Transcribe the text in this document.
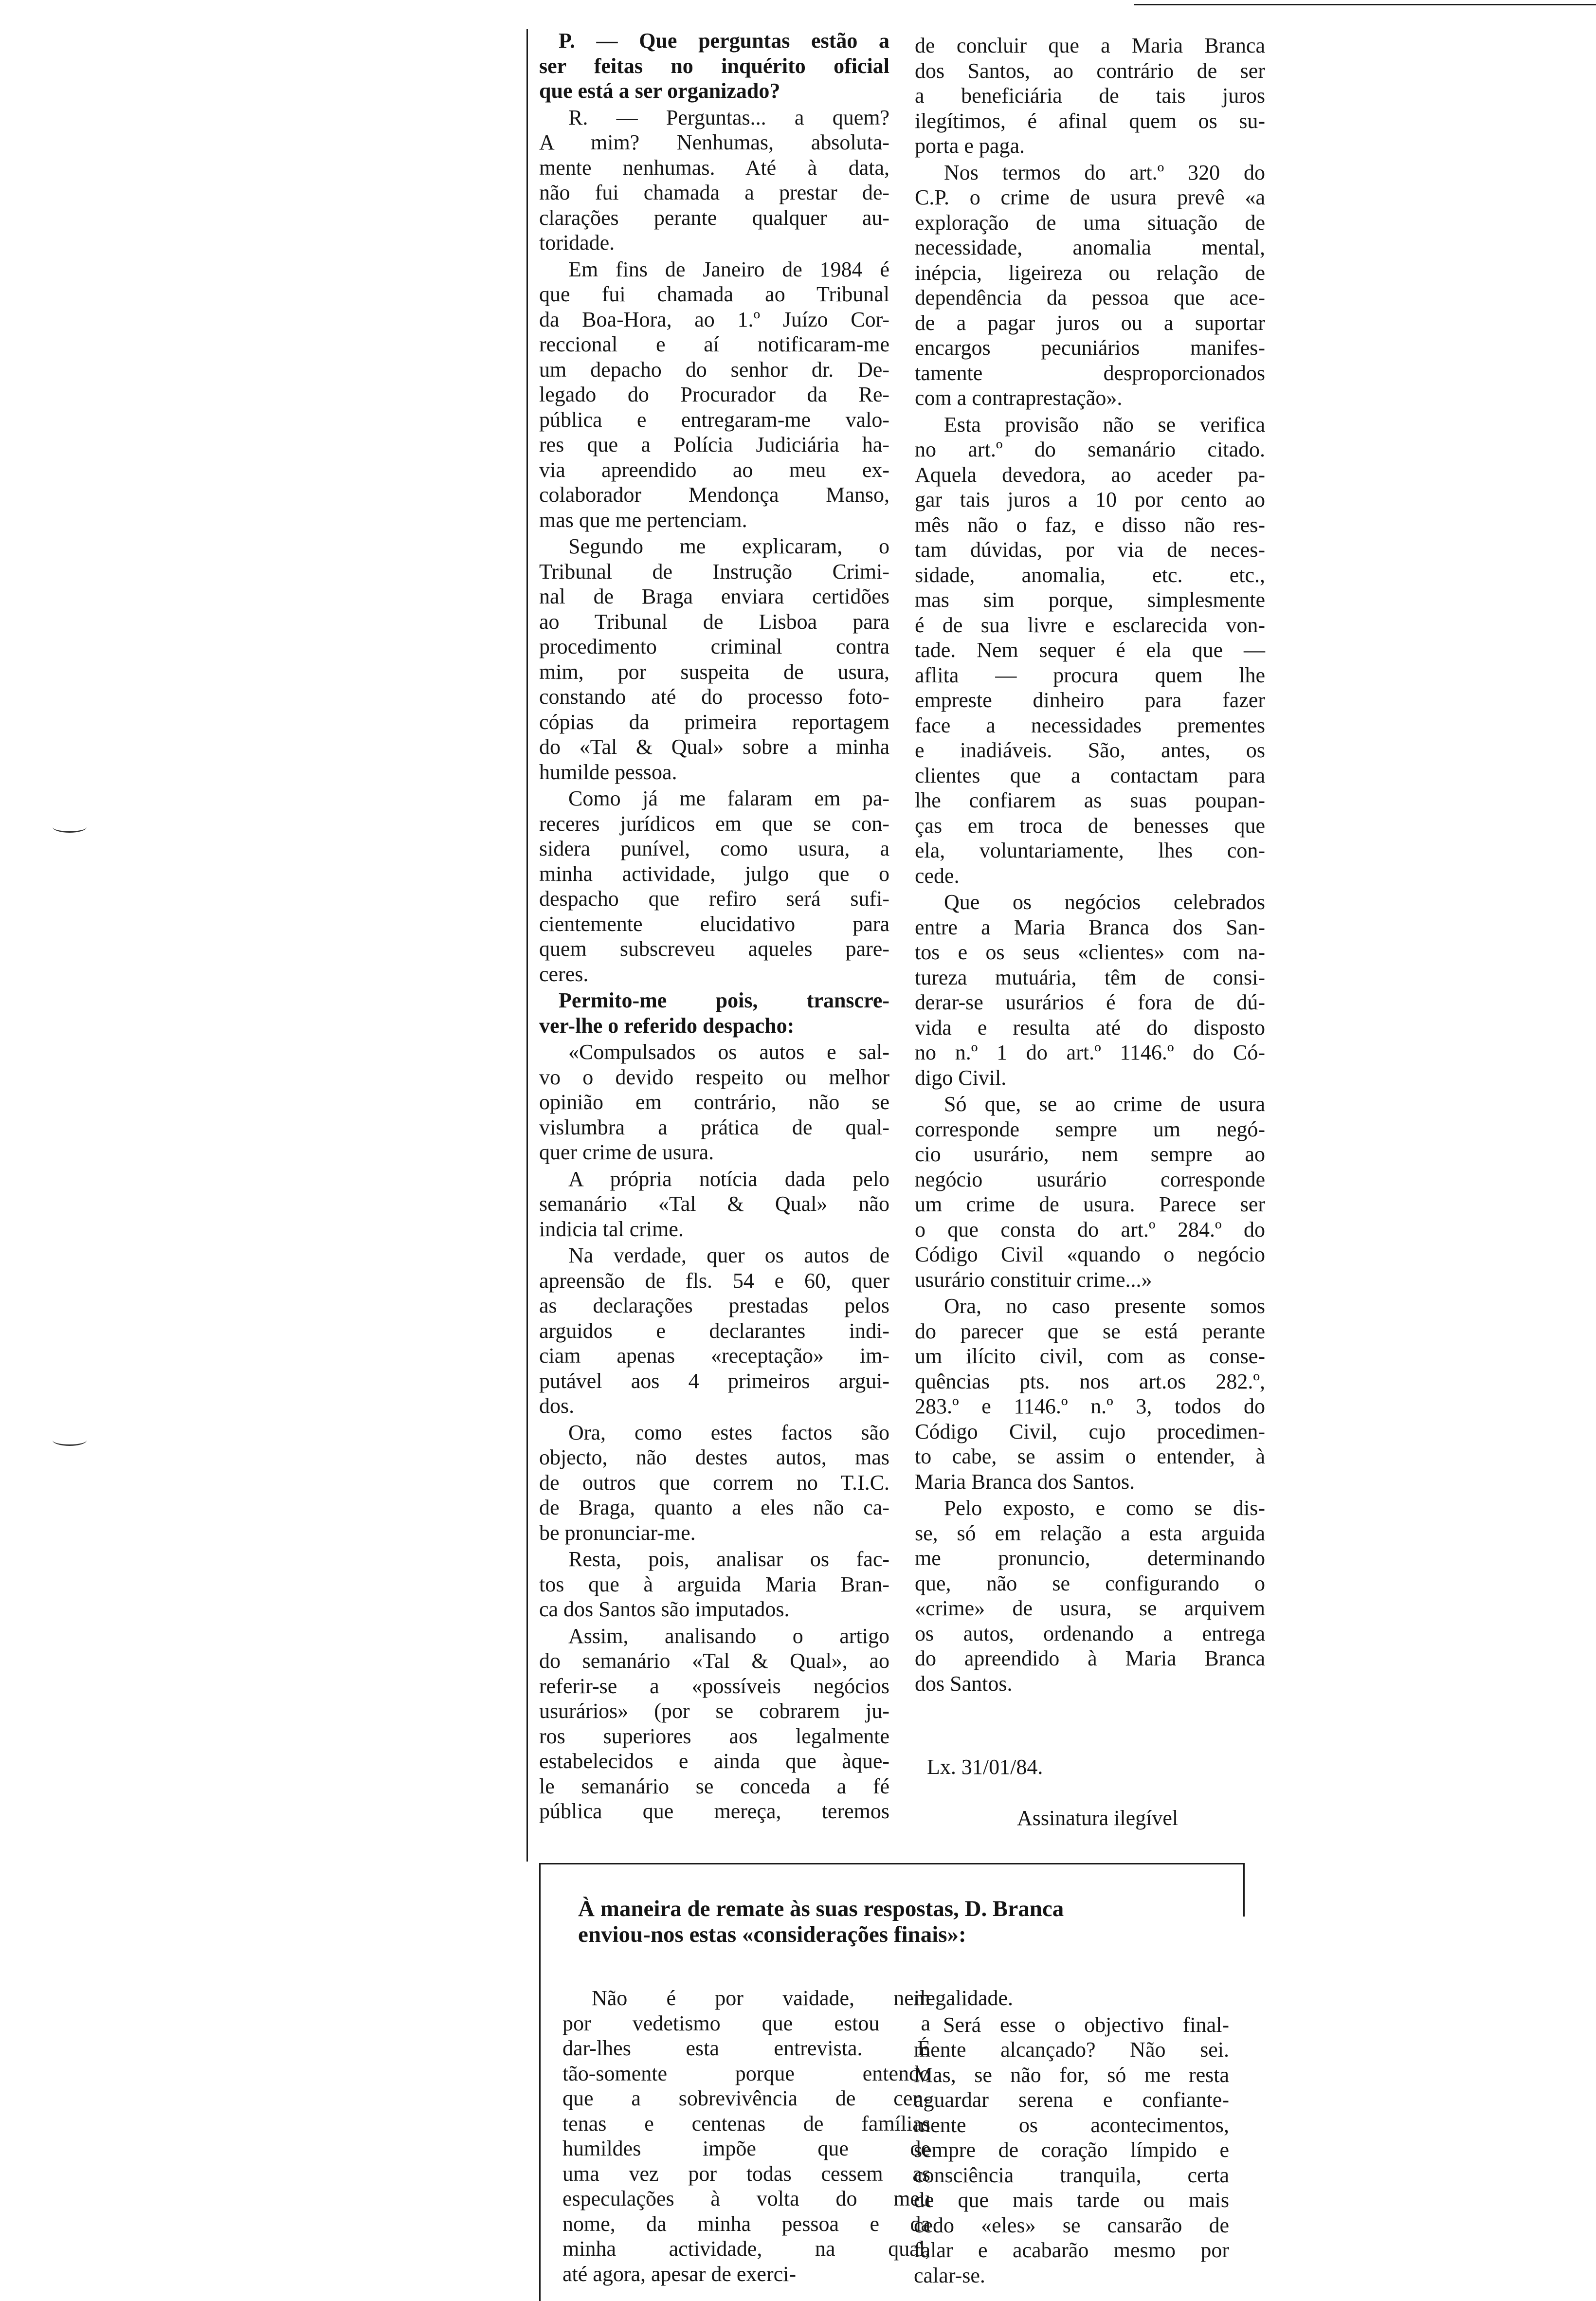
P. — Que perguntas estão a

ser feitas no inquérito oficial

que está a ser organizado?

R. — Perguntas... a quem?

A mim? Nenhumas, absoluta-

mente nenhumas. Até à data,

não fui chamada a prestar de-

clarações perante qualquer au-

toridade.

Em fins de Janeiro de 1984 é

que fui chamada ao Tribunal

da Boa-Hora, ao 1.º Juízo Cor-

reccional e aí notificaram-me

um depacho do senhor dr. De-

legado do Procurador da Re-

pública e entregaram-me valo-

res que a Polícia Judiciária ha-

via apreendido ao meu ex-

colaborador Mendonça Manso,

mas que me pertenciam.

Segundo me explicaram, o

Tribunal de Instrução Crimi-

nal de Braga enviara certidões

ao Tribunal de Lisboa para

procedimento criminal contra

mim, por suspeita de usura,

constando até do processo foto-

cópias da primeira reportagem

do «Tal & Qual» sobre a minha

humilde pessoa.

Como já me falaram em pa-

receres jurídicos em que se con-

sidera punível, como usura, a

minha actividade, julgo que o

despacho que refiro será sufi-

cientemente elucidativo para

quem subscreveu aqueles pare-

ceres.

Permito-me pois, transcre-

ver-lhe o referido despacho:

«Compulsados os autos e sal-

vo o devido respeito ou melhor

opinião em contrário, não se

vislumbra a prática de qual-

quer crime de usura.

A própria notícia dada pelo

semanário «Tal & Qual» não

indicia tal crime.

Na verdade, quer os autos de

apreensão de fls. 54 e 60, quer

as declarações prestadas pelos

arguidos e declarantes indi-

ciam apenas «receptação» im-

putável aos 4 primeiros argui-

dos.

Ora, como estes factos são

objecto, não destes autos, mas

de outros que correm no T.I.C.

de Braga, quanto a eles não ca-

be pronunciar-me.

Resta, pois, analisar os fac-

tos que à arguida Maria Bran-

ca dos Santos são imputados.

Assim, analisando o artigo

do semanário «Tal & Qual», ao

referir-se a «possíveis negócios

usurários» (por se cobrarem ju-

ros superiores aos legalmente

estabelecidos e ainda que àque-

le semanário se conceda a fé

pública que mereça, teremos

de concluir que a Maria Branca

dos Santos, ao contrário de ser

a beneficiária de tais juros

ilegítimos, é afinal quem os su-

porta e paga.

Nos termos do art.º 320 do

C.P. o crime de usura prevê «a

exploração de uma situação de

necessidade, anomalia mental,

inépcia, ligeireza ou relação de

dependência da pessoa que ace-

de a pagar juros ou a suportar

encargos pecuniários manifes-

tamente desproporcionados

com a contraprestação».

Esta provisão não se verifica

no art.º do semanário citado.

Aquela devedora, ao aceder pa-

gar tais juros a 10 por cento ao

mês não o faz, e disso não res-

tam dúvidas, por via de neces-

sidade, anomalia, etc. etc.,

mas sim porque, simplesmente

é de sua livre e esclarecida von-

tade. Nem sequer é ela que —

aflita — procura quem lhe

empreste dinheiro para fazer

face a necessidades prementes

e inadiáveis. São, antes, os

clientes que a contactam para

lhe confiarem as suas poupan-

ças em troca de benesses que

ela, voluntariamente, lhes con-

cede.

Que os negócios celebrados

entre a Maria Branca dos San-

tos e os seus «clientes» com na-

tureza mutuária, têm de consi-

derar-se usurários é fora de dú-

vida e resulta até do disposto

no n.º 1 do art.º 1146.º do Có-

digo Civil.

Só que, se ao crime de usura

corresponde sempre um negó-

cio usurário, nem sempre ao

negócio usurário corresponde

um crime de usura. Parece ser

o que consta do art.º 284.º do

Código Civil «quando o negócio

usurário constituir crime...»

Ora, no caso presente somos

do parecer que se está perante

um ilícito civil, com as conse-

quências pts. nos art.os 282.º,

283.º e 1146.º n.º 3, todos do

Código Civil, cujo procedimen-

to cabe, se assim o entender, à

Maria Branca dos Santos.

Pelo exposto, e como se dis-

se, só em relação a esta arguida

me pronuncio, determinando

que, não se configurando o

«crime» de usura, se arquivem

os autos, ordenando a entrega

do apreendido à Maria Branca

dos Santos.

Lx. 31/01/84.
Assinatura ilegível

À maneira de remate às suas respostas, D. Branca

enviou-nos estas «considerações finais»:

Não é por vaidade, nem

por vedetismo que estou a

dar-lhes esta entrevista. É

tão-somente porque entendo

que a sobrevivência de cen-

tenas e centenas de famílias

humildes impõe que de

uma vez por todas cessem as

especulações à volta do meu

nome, da minha pessoa e da

minha actividade, na qual,

até agora, apesar de exerci-

ilegalidade.

Será esse o objectivo final-

mente alcançado? Não sei.

Mas, se não for, só me resta

aguardar serena e confiante-

mente os acontecimentos,

sempre de coração límpido e

consciência tranquila, certa

de que mais tarde ou mais

cedo «eles» se cansarão de

falar e acabarão mesmo por

calar-se.
